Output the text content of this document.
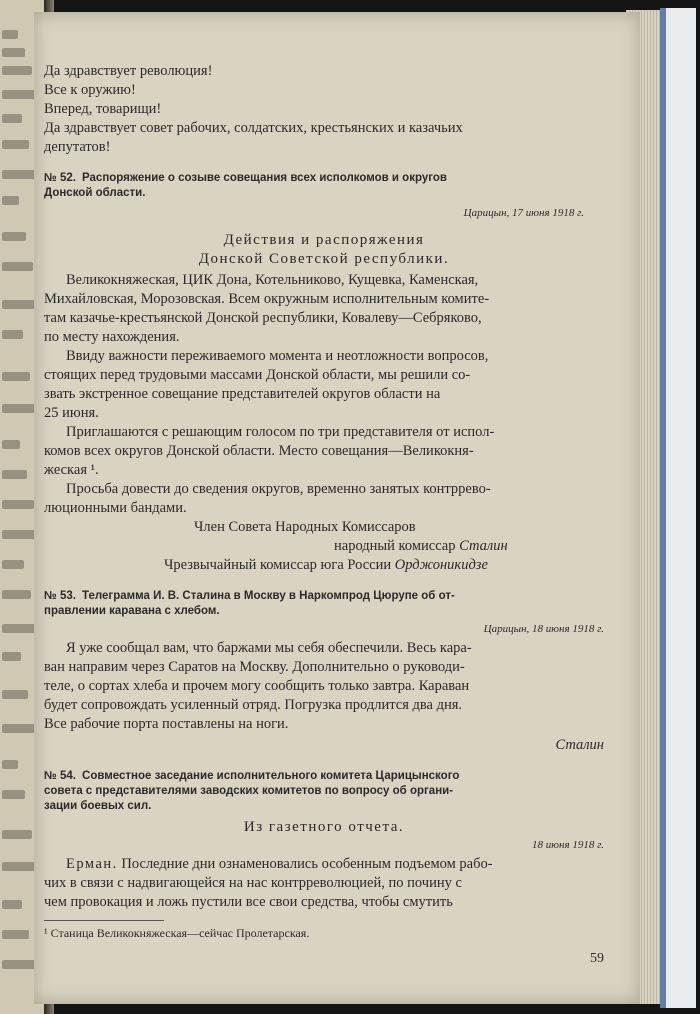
Да здравствует революция!
Все к оружию!
Вперед, товарищи!
Да здравствует совет рабочих, солдатских, крестьянских и казачьих
депутатов!
№ 52. Распоряжение о созыве совещания всех исполкомов и округов
Донской области.
Царицын, 17 июня 1918 г.
Действия и распоряжения
Донской Советской республики.
Великокняжеская, ЦИК Дона, Котельниково, Кущевка, Каменская,
Михайловская, Морозовская. Всем окружным исполнительным комите-
там казачье-крестьянской Донской республики, Ковалеву—Себряково,
по месту нахождения.
Ввиду важности переживаемого момента и неотложности вопросов,
стоящих перед трудовыми массами Донской области, мы решили со-
звать экстренное совещание представителей округов области на
25 июня.
Приглашаются с решающим голосом по три представителя от испол-
комов всех округов Донской области. Место совещания—Великокня-
жеская ¹.
Просьба довести до сведения округов, временно занятых контррево-
люционными бандами.
Член Совета Народных Комиссаров
народный комиссар Сталин
Чрезвычайный комиссар юга России Орджоникидзе
№ 53. Телеграмма И. В. Сталина в Москву в Наркомпрод Цюрупе об от-
правлении каравана с хлебом.
Царицын, 18 июня 1918 г.
Я уже сообщал вам, что баржами мы себя обеспечили. Весь кара-
ван направим через Саратов на Москву. Дополнительно о руководи-
теле, о сортах хлеба и прочем могу сообщить только завтра. Караван
будет сопровождать усиленный отряд. Погрузка продлится два дня.
Все рабочие порта поставлены на ноги.
Сталин
№ 54. Совместное заседание исполнительного комитета Царицынского
совета с представителями заводских комитетов по вопросу об органи-
зации боевых сил.
Из газетного отчета.
18 июня 1918 г.
Ерман. Последние дни ознаменовались особенным подъемом рабо-
чих в связи с надвигающейся на нас контрреволюцией, по почину с
чем провокация и ложь пустили все свои средства, чтобы смутить
¹ Станица Великокняжеская—сейчас Пролетарская.
59
